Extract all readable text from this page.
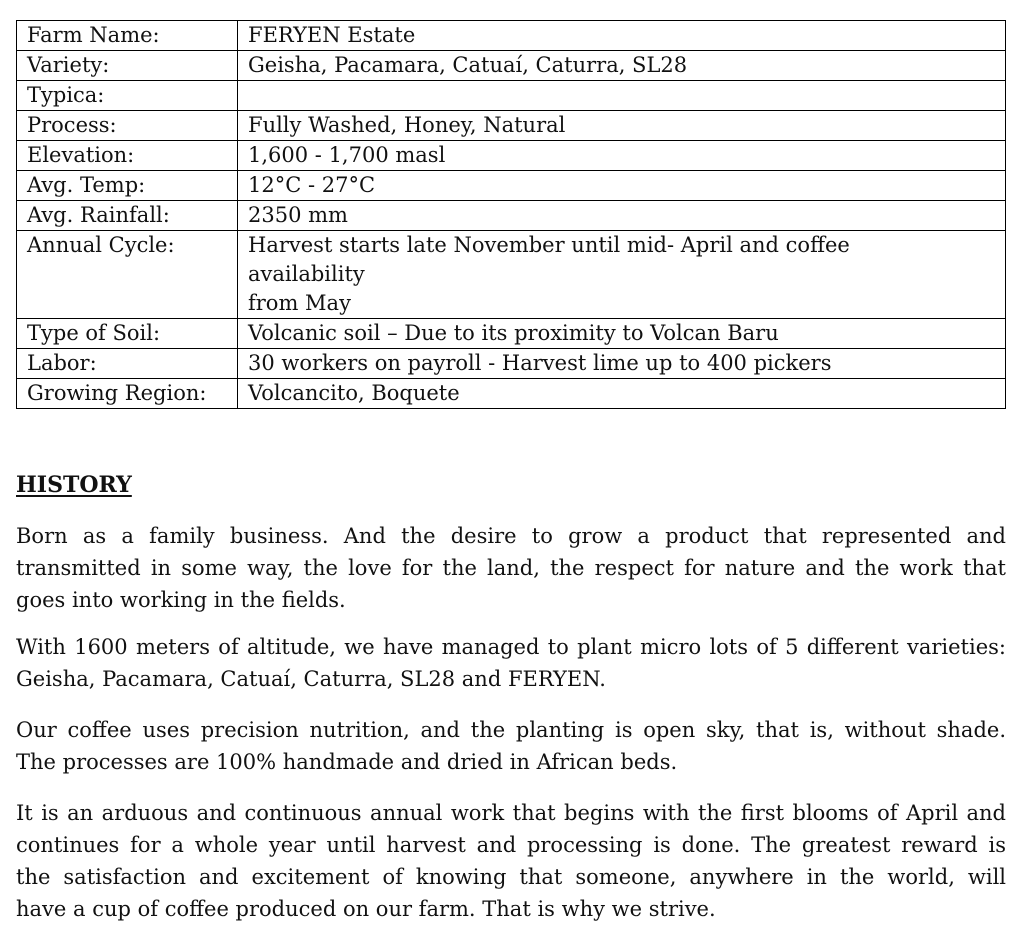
Farm Name:	FERYEN Estate

Variety:	Geisha, Pacamara, Catuaí, Caturra, SL28

Typica:	

Process:	Fully Washed, Honey, Natural

Elevation:	1,600 - 1,700 masl

Avg. Temp:	12°C - 27°C

Avg. Rainfall:	2350 mm

Annual Cycle:	Harvest starts late November until mid- April and coffee
availability
from May

Type of Soil:	Volcanic soil – Due to its proximity to Volcan Baru

Labor:	30 workers on payroll - Harvest lime up to 400 pickers

Growing Region:	Volcancito, Boquete
HISTORY

Born as a family business. And the desire to grow a product that represented and
transmitted in some way, the love for the land, the respect for nature and the work that
goes into working in the fields.

With 1600 meters of altitude, we have managed to plant micro lots of 5 different varieties:
Geisha, Pacamara, Catuaí, Caturra, SL28 and FERYEN.

Our coffee uses precision nutrition, and the planting is open sky, that is, without shade.
The processes are 100% handmade and dried in African beds.

It is an arduous and continuous annual work that begins with the first blooms of April and
continues for a whole year until harvest and processing is done. The greatest reward is
the satisfaction and excitement of knowing that someone, anywhere in the world, will
have a cup of coffee produced on our farm. That is why we strive.
